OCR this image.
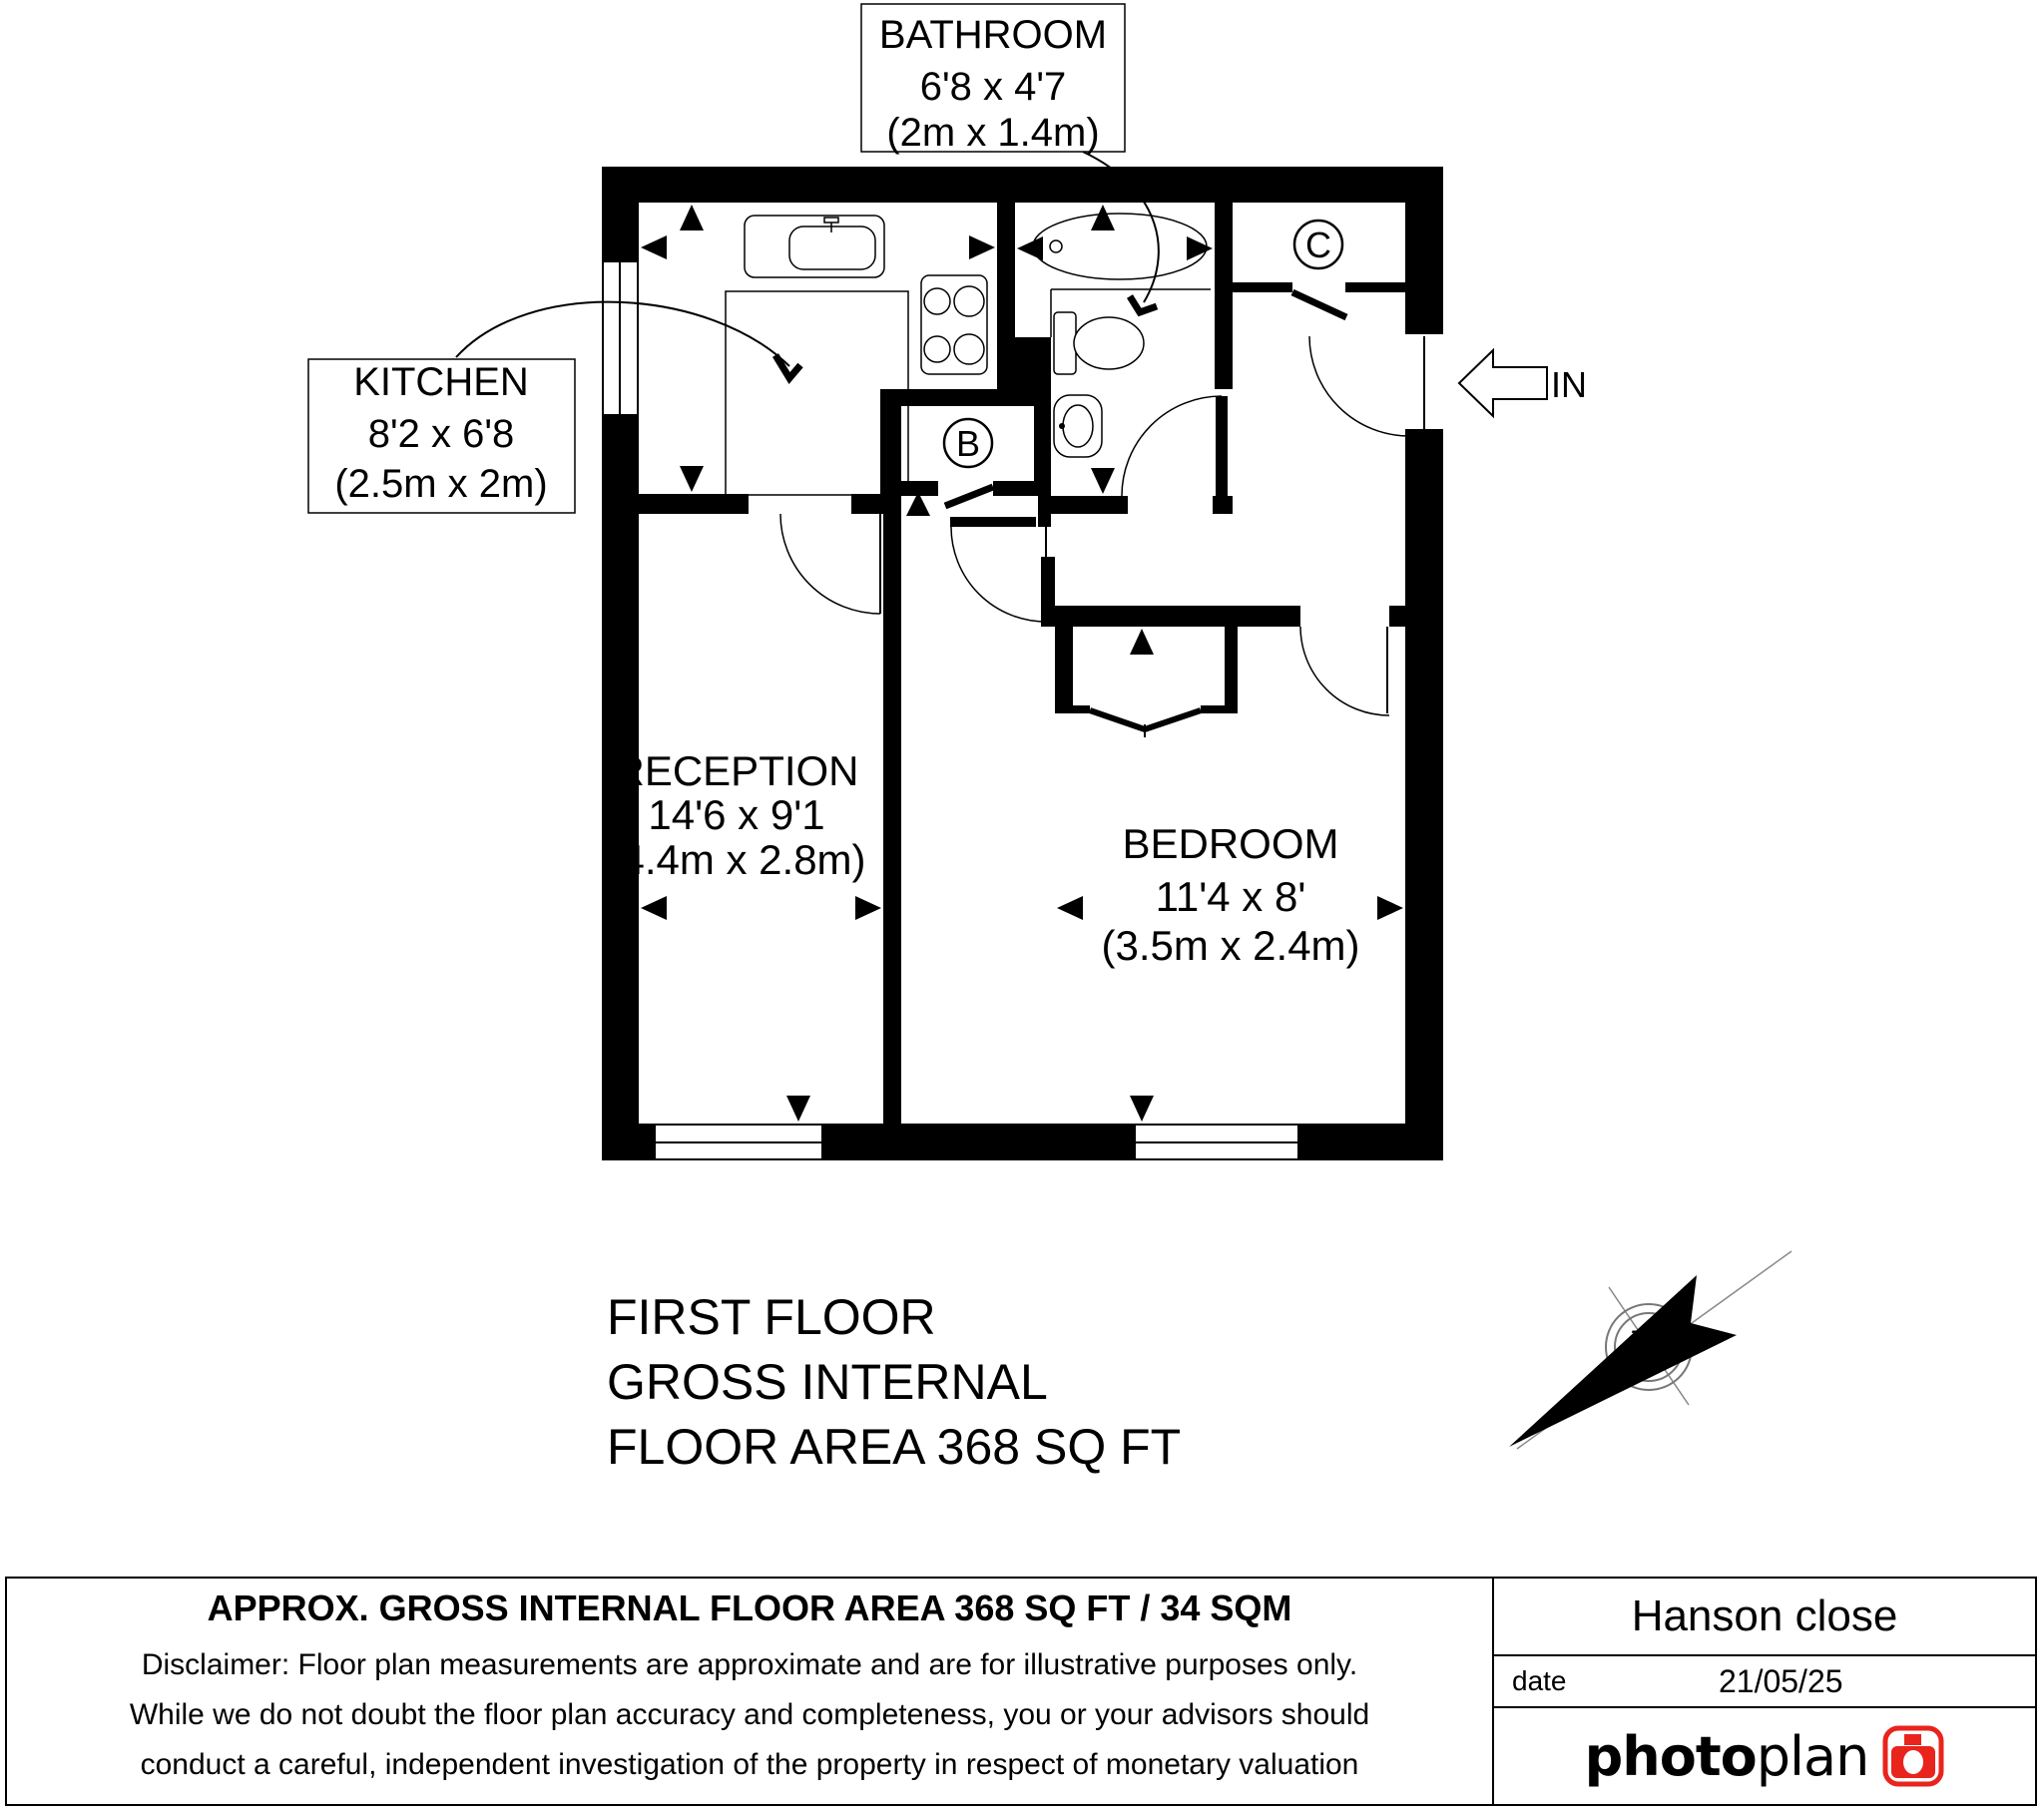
KITCHEN
8'2 x 6'8
(2.5m x 2m)
BATHROOM
6'8 x 4'7
(2m x 1.4m)
RECEPTION
14'6 x 9'1
(4.4m x 2.8m)	BEDROOM
11'4 x 8'
(3.5m x 2.4m)
B
C
IN
FIRST FLOOR
GROSS INTERNAL
FLOOR AREA 368 SQ FT
N
APPROX. GROSS INTERNAL FLOOR AREA 368 SQ FT / 34 SQM
Disclaimer: Floor plan measurements are approximate and are for illustrative purposes only.
While we do not doubt the floor plan accuracy and completeness, you or your advisors should
conduct a careful, independent investigation of the property in respect of monetary valuation
Hanson close
date	21/05/25
photoplan
